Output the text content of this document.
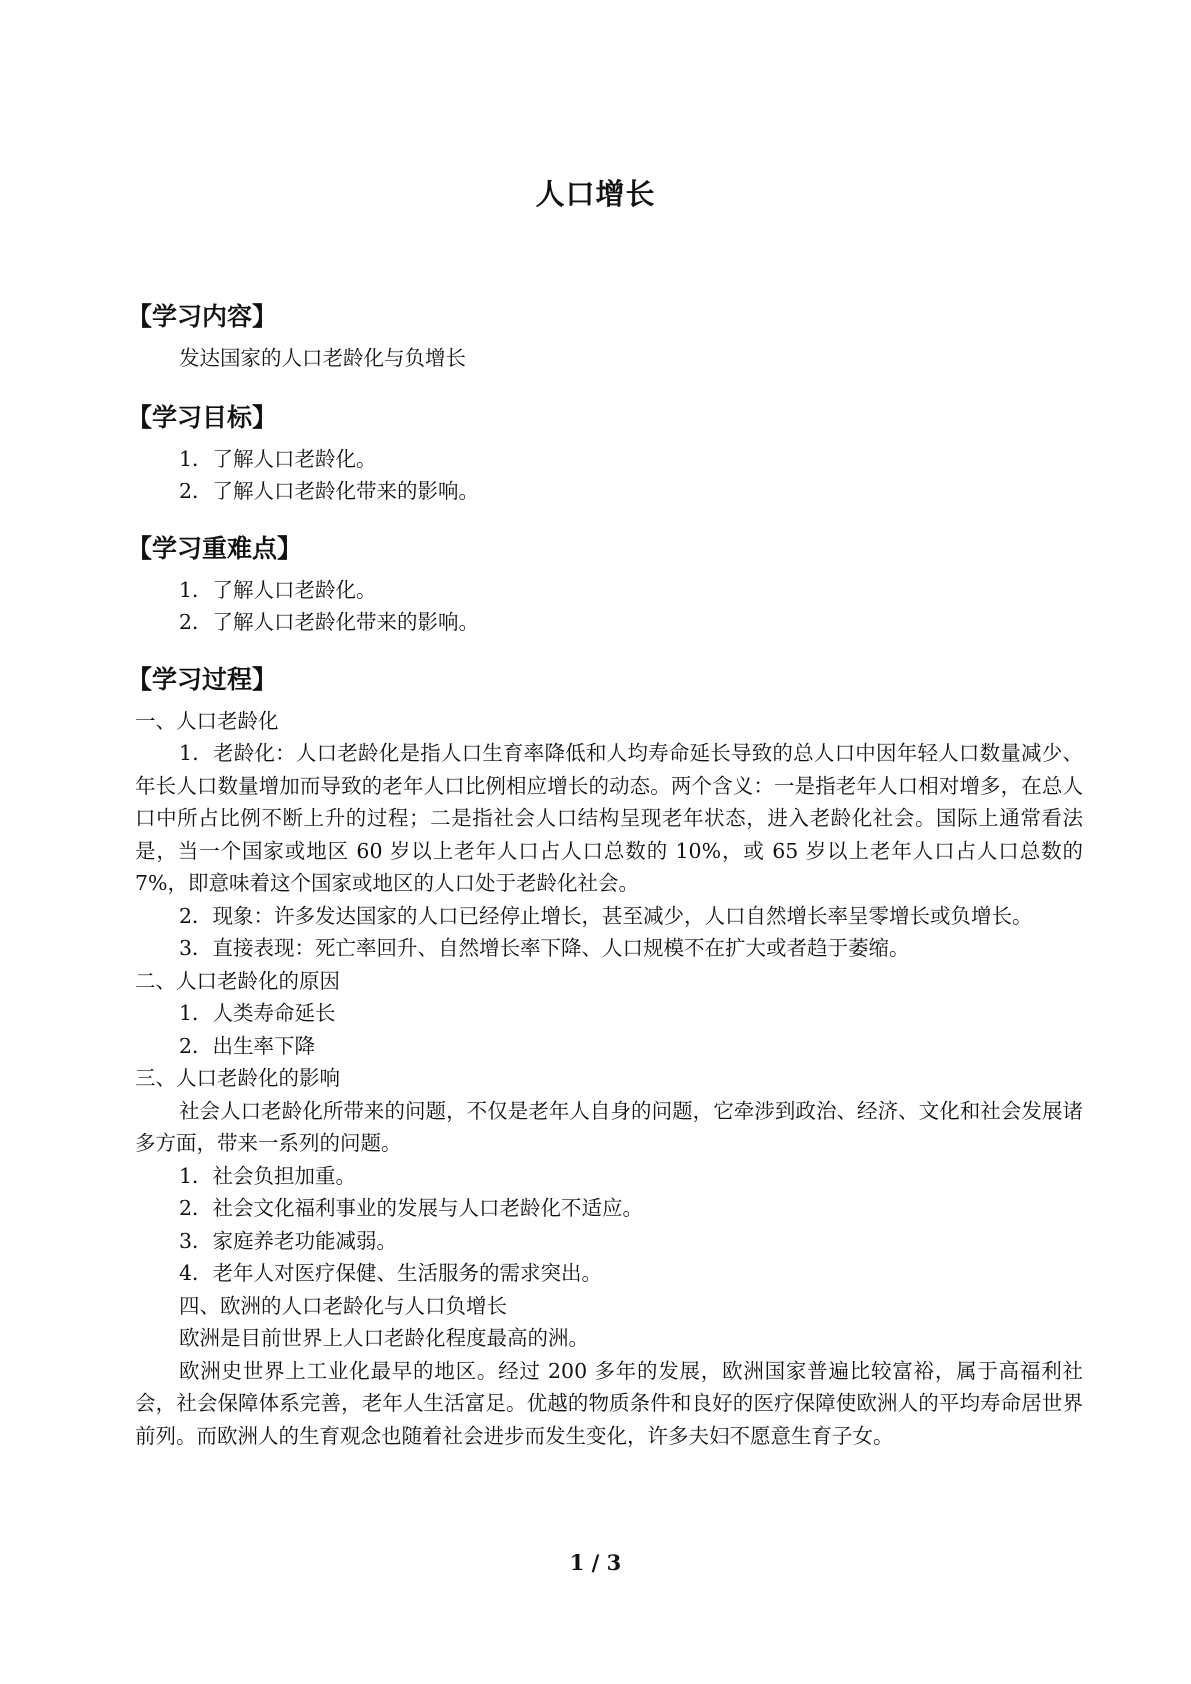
人口增长
【学习内容】
发达国家的人口老龄化与负增长
【学习目标】
1．了解人口老龄化。
2．了解人口老龄化带来的影响。
【学习重难点】
1．了解人口老龄化。
2．了解人口老龄化带来的影响。
【学习过程】
一、人口老龄化

1．老龄化：人口老龄化是指人口生育率降低和人均寿命延长导致的总人口中因年轻人口数量减少、年长人口数量增加而导致的老年人口比例相应增长的动态。两个含义：一是指老年人口相对增多，在总人口中所占比例不断上升的过程；二是指社会人口结构呈现老年状态，进入老龄化社会。国际上通常看法是，当一个国家或地区 60 岁以上老年人口占人口总数的 10%，或 65 岁以上老年人口占人口总数的 7%，即意味着这个国家或地区的人口处于老龄化社会。

2．现象：许多发达国家的人口已经停止增长，甚至减少，人口自然增长率呈零增长或负增长。

3．直接表现：死亡率回升、自然增长率下降、人口规模不在扩大或者趋于萎缩。

二、人口老龄化的原因
1．人类寿命延长
2．出生率下降
三、人口老龄化的影响

社会人口老龄化所带来的问题，不仅是老年人自身的问题，它牵涉到政治、经济、文化和社会发展诸多方面，带来一系列的问题。

1．社会负担加重。
2．社会文化福利事业的发展与人口老龄化不适应。
3．家庭养老功能减弱。
4．老年人对医疗保健、生活服务的需求突出。
四、欧洲的人口老龄化与人口负增长

欧洲是目前世界上人口老龄化程度最高的洲。

欧洲史世界上工业化最早的地区。经过 200 多年的发展，欧洲国家普遍比较富裕，属于高福利社会，社会保障体系完善，老年人生活富足。优越的物质条件和良好的医疗保障使欧洲人的平均寿命居世界前列。而欧洲人的生育观念也随着社会进步而发生变化，许多夫妇不愿意生育子女。

1 / 3
